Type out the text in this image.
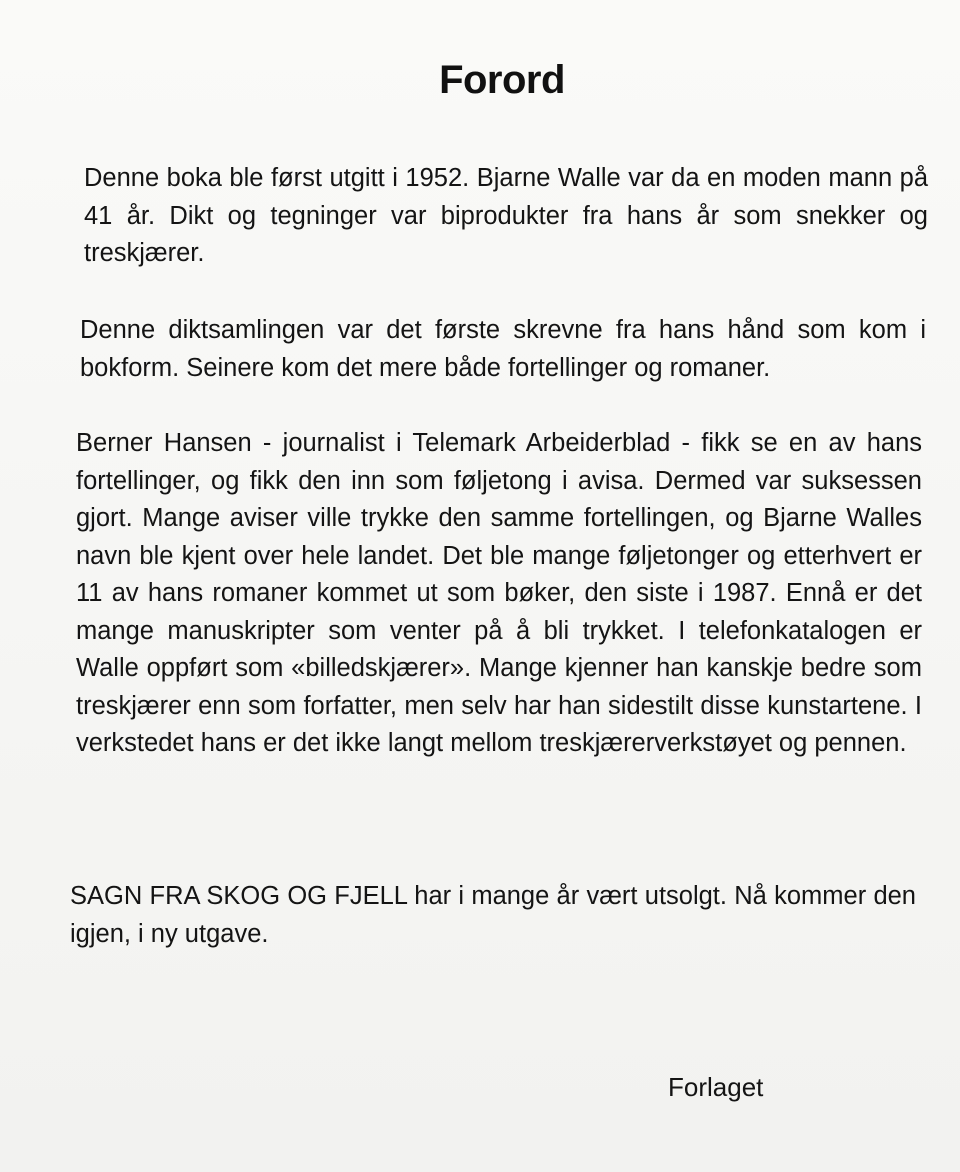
Forord

Denne boka ble først utgitt i 1952. Bjarne Walle var da en moden mann på 41 år. Dikt og tegninger var biprodukter fra hans år som snekker og treskjærer.

Denne diktsamlingen var det første skrevne fra hans hånd som kom i bokform. Seinere kom det mere både fortellinger og romaner.

Berner Hansen - journalist i Telemark Arbeiderblad - fikk se en av hans fortellinger, og fikk den inn som føljetong i avisa. Dermed var suksessen gjort. Mange aviser ville trykke den samme fortellingen, og Bjarne Walles navn ble kjent over hele landet. Det ble mange føljetonger og etterhvert er 11 av hans romaner kommet ut som bøker, den siste i 1987. Ennå er det mange manuskripter som venter på å bli trykket. I telefonkatalogen er Walle oppført som «billedskjærer». Mange kjenner han kanskje bedre som treskjærer enn som forfatter, men selv har han sidestilt disse kunstartene. I verkstedet hans er det ikke langt mellom treskjærerverkstøyet og pennen.

SAGN FRA SKOG OG FJELL har i mange år vært utsolgt. Nå kommer den igjen, i ny utgave.

Forlaget
